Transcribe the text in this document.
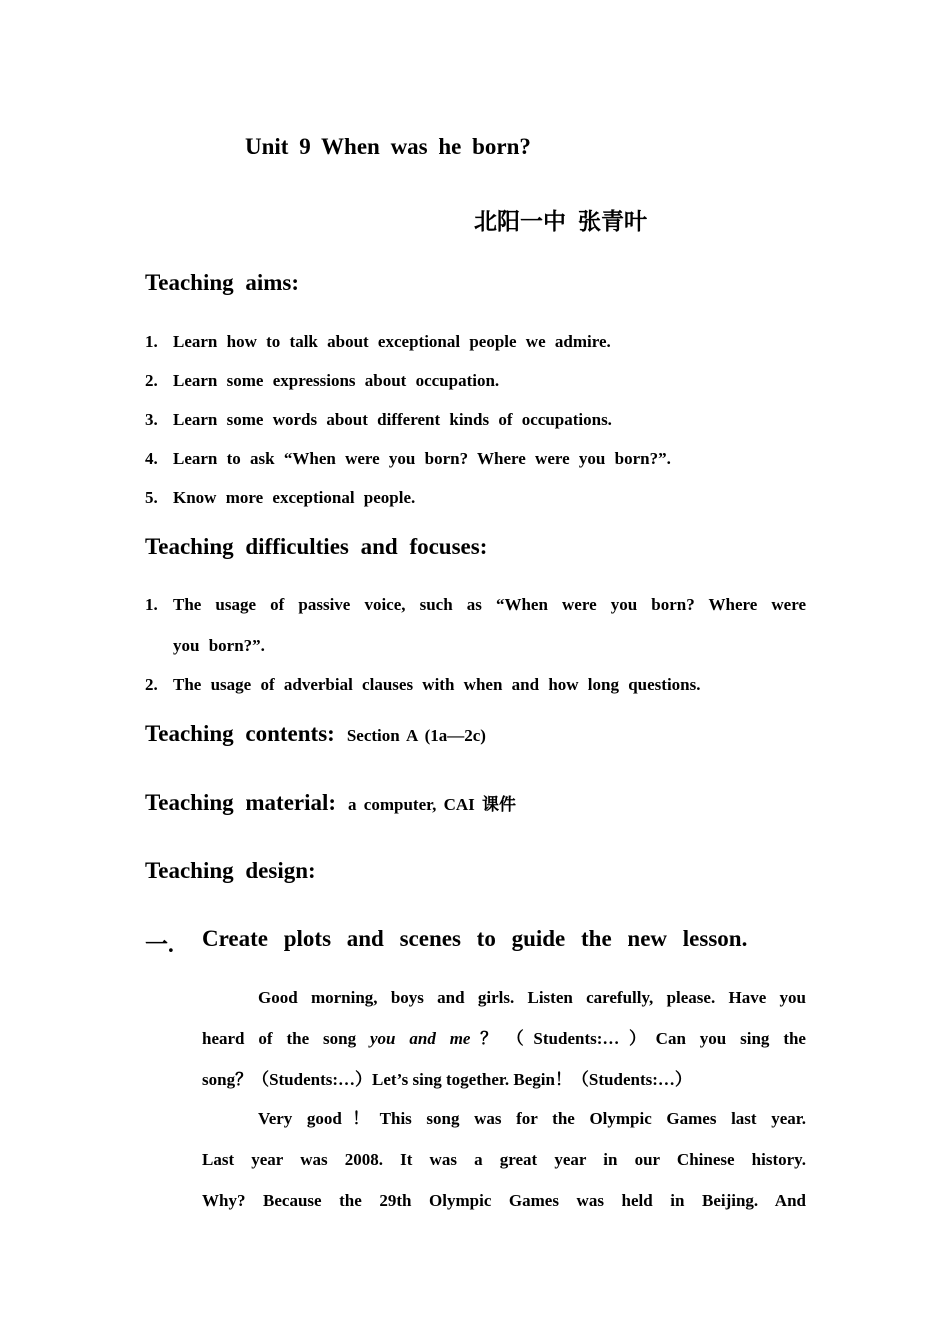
Unit 9 When was he born?
北阳一中 张青叶
Teaching aims:
1. Learn how to talk about exceptional people we admire.
2. Learn some expressions about occupation.
3. Learn some words about different kinds of occupations.
4. Learn to ask “When were you born? Where were you born?”.
5. Know more exceptional people.
Teaching difficulties and focuses:
1. The usage of passive voice, such as “When were you born? Where were
you born?”.
2. The usage of adverbial clauses with when and how long questions.
Teaching contents: Section A (1a—2c)
Teaching material: a computer, CAI 课件
Teaching design:
一. Create plots and scenes to guide the new lesson.
Good morning, boys and girls. Listen carefully, please. Have you
heard of the song you and me？（Students:…）Can you sing the
song？（Students:…）Let’s sing together. Begin！（Students:…）
Very good！This song was for the Olympic Games last year.
Last year was 2008. It was a great year in our Chinese history.
Why? Because the 29th Olympic Games was held in Beijing. And
